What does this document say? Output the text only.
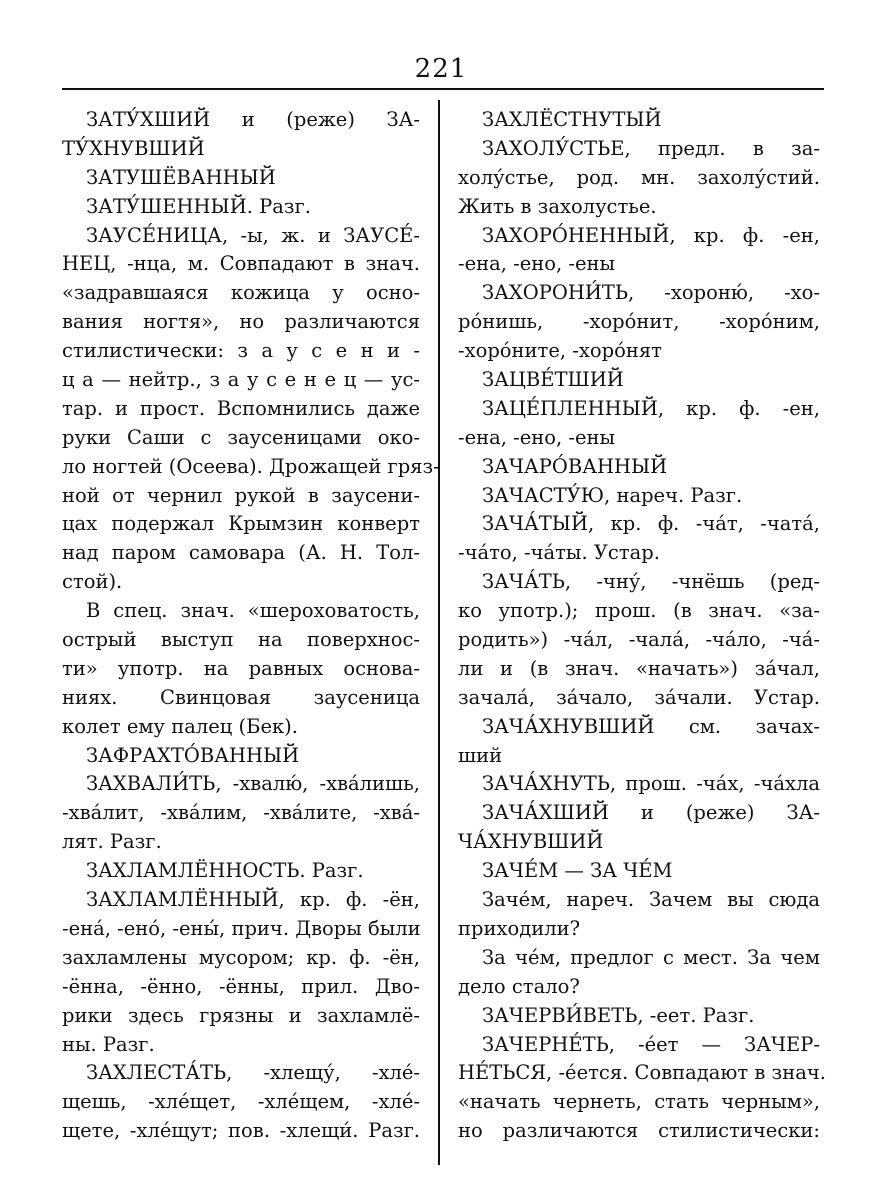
221
ЗАТУ́ХШИЙ и (реже) ЗА-
ТУ́ХНУВШИЙ
ЗАТУШЁВАННЫЙ
ЗАТУ́ШЕННЫЙ. Разг.
ЗАУСЕ́НИЦА, -ы, ж. и ЗАУСЕ́-
НЕЦ, -нца, м. Совпадают в знач.
«задравшаяся кожица у осно-
вания ногтя», но различаются
стилистически: з а у с е н и -
ц а — нейтр., з а у с е н е ц — ус-
тар. и прост. Вспомнились даже
руки Саши с заусеницами око-
ло ногтей (Осеева). Дрожащей гряз-
ной от чернил рукой в заусени-
цах подержал Крымзин конверт
над паром самовара (А. Н. Тол-
стой).
В спец. знач. «шероховатость,
острый выступ на поверхнос-
ти» употр. на равных основа-
ниях. Свинцовая заусеница
колет ему палец (Бек).
ЗАФРАХТО́ВАННЫЙ
ЗАХВАЛИ́ТЬ, -хвалю́, -хва́лишь,
-хва́лит, -хва́лим, -хва́лите, -хва́-
лят. Разг.
ЗАХЛАМЛЁННОСТЬ. Разг.
ЗАХЛАМЛЁННЫЙ, кр. ф. -ён,
-ена́, -ено́, -ены́, прич. Дворы были
захламлены мусором; кр. ф. -ён,
-ённа, -ённо, -ённы, прил. Дво-
рики здесь грязны и захламлё-
ны. Разг.
ЗАХЛЕСТА́ТЬ, -хлещу́, -хле́-
щешь, -хле́щет, -хле́щем, -хле́-
щете, -хле́щут; пов. -хлещи́. Разг.
ЗАХЛЁСТНУТЫЙ
ЗАХОЛУ́СТЬЕ, предл. в за-
холу́стье, род. мн. захолу́стий.
Жить в захолустье.
ЗАХОРО́НЕННЫЙ, кр. ф. -ен,
-ена, -ено, -ены
ЗАХОРОНИ́ТЬ, -хороню́, -хо-
ро́нишь, -хоро́нит, -хоро́ним,
-хоро́ните, -хоро́нят
ЗАЦВЕ́ТШИЙ
ЗАЦЕ́ПЛЕННЫЙ, кр. ф. -ен,
-ена, -ено, -ены
ЗАЧАРО́ВАННЫЙ
ЗАЧАСТУ́Ю, нареч. Разг.
ЗАЧА́ТЫЙ, кр. ф. -ча́т, -чата́,
-ча́то, -ча́ты. Устар.
ЗАЧА́ТЬ, -чну́, -чнёшь (ред-
ко употр.); прош. (в знач. «за-
родить») -ча́л, -чала́, -ча́ло, -ча́-
ли и (в знач. «начать») за́чал,
зачала́, за́чало, за́чали. Устар.
ЗАЧА́ХНУВШИЙ см. зачах-
ший
ЗАЧА́ХНУТЬ, прош. -ча́х, -ча́хла
ЗАЧА́ХШИЙ и (реже) ЗА-
ЧА́ХНУВШИЙ
ЗАЧЕ́М — ЗА ЧЕ́М
Заче́м, нареч. Зачем вы сюда
приходили?
За че́м, предлог с мест. За чем
дело стало?
ЗАЧЕРВИ́ВЕТЬ, -еет. Разг.
ЗАЧЕРНЕ́ТЬ, -е́ет — ЗАЧЕР-
НЕ́ТЬСЯ, -е́ется. Совпадают в знач.
«начать чернеть, стать черным»,
но различаются стилистически:
